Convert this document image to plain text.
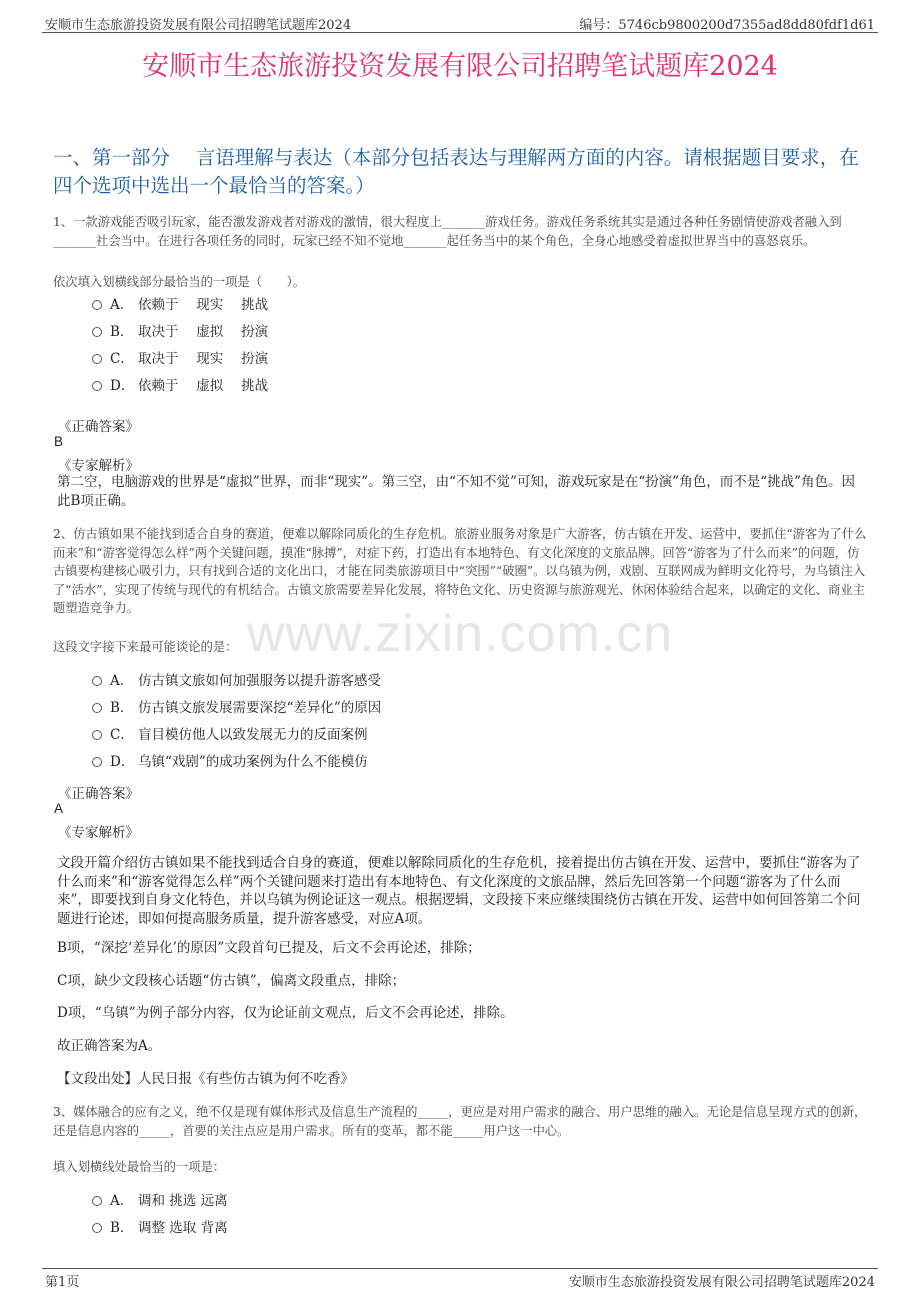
安顺市生态旅游投资发展有限公司招聘笔试题库2024	编号：5746cb9800200d7355ad8dd80fdf1d61
安顺市生态旅游投资发展有限公司招聘笔试题库2024
一、第一部分　 言语理解与表达（本部分包括表达与理解两方面的内容。请根据题目要求，在四个选项中选出一个最恰当的答案。）
www.zixin.com.cn
1、一款游戏能否吸引玩家，能否激发游戏者对游戏的激情，很大程度上_______游戏任务。游戏任务系统其实是通过各种任务剧情使游戏者融入到_______社会当中。在进行各项任务的同时，玩家已经不知不觉地_______起任务当中的某个角色，全身心地感受着虚拟世界当中的喜怒哀乐。
依次填入划横线部分最恰当的一项是（　　）。
A． 依赖于　 现实　 挑战
B． 取决于　 虚拟　 扮演
C． 取决于　 现实　 扮演
D． 依赖于　 虚拟　 挑战
《正确答案》
B
《专家解析》
第二空，电脑游戏的世界是“虚拟”世界，而非“现实”。第三空，由“不知不觉”可知，游戏玩家是在“扮演”角色，而不是“挑战”角色。因此B项正确。
2、仿古镇如果不能找到适合自身的赛道，便难以解除同质化的生存危机。旅游业服务对象是广大游客，仿古镇在开发、运营中，要抓住“游客为了什么而来”和“游客觉得怎么样”两个关键问题，摸准“脉搏”，对症下药，打造出有本地特色、有文化深度的文旅品牌。回答“游客为了什么而来”的问题，仿古镇要构建核心吸引力，只有找到合适的文化出口，才能在同类旅游项目中“突围”“破圈”。以乌镇为例，戏剧、互联网成为鲜明文化符号，为乌镇注入了“活水”，实现了传统与现代的有机结合。古镇文旅需要差异化发展，将特色文化、历史资源与旅游观光、休闲体验结合起来，以确定的文化、商业主题塑造竞争力。
这段文字接下来最可能谈论的是：
A． 仿古镇文旅如何加强服务以提升游客感受
B． 仿古镇文旅发展需要深挖“差异化”的原因
C． 盲目模仿他人以致发展无力的反面案例
D． 乌镇“戏剧”的成功案例为什么不能模仿
《正确答案》
A
《专家解析》
文段开篇介绍仿古镇如果不能找到适合自身的赛道，便难以解除同质化的生存危机，接着提出仿古镇在开发、运营中，要抓住“游客为了什么而来”和“游客觉得怎么样”两个关键问题来打造出有本地特色、有文化深度的文旅品牌，然后先回答第一个问题“游客为了什么而来”，即要找到自身文化特色，并以乌镇为例论证这一观点。根据逻辑，文段接下来应继续围绕仿古镇在开发、运营中如何回答第二个问题进行论述，即如何提高服务质量，提升游客感受，对应A项。
B项，“深挖‘差异化’的原因”文段首句已提及，后文不会再论述，排除；
C项，缺少文段核心话题“仿古镇”，偏离文段重点，排除；
D项，“乌镇”为例子部分内容，仅为论证前文观点，后文不会再论述，排除。
故正确答案为A。
【文段出处】人民日报《有些仿古镇为何不吃香》
3、媒体融合的应有之义，绝不仅是现有媒体形式及信息生产流程的_____，更应是对用户需求的融合、用户思维的融入。无论是信息呈现方式的创新，还是信息内容的_____，首要的关注点应是用户需求。所有的变革，都不能_____用户这一中心。
填入划横线处最恰当的一项是：
A． 调和 挑选 远离
B． 调整 选取 背离
第1页	安顺市生态旅游投资发展有限公司招聘笔试题库2024
